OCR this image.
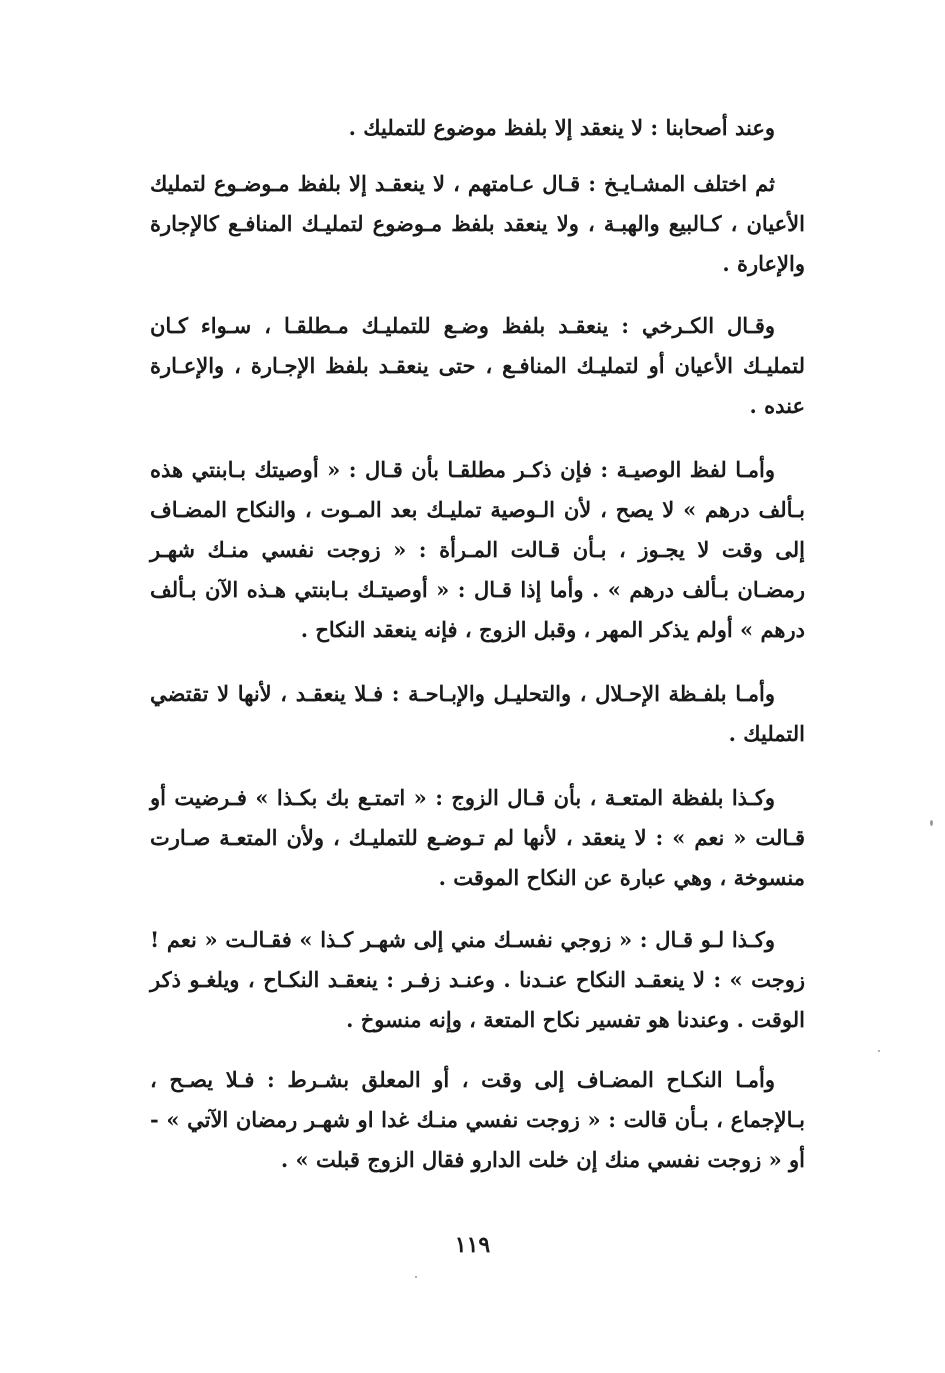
وعند أصحابنا : لا ينعقد إلا بلفظ موضوع للتمليك .

ثم اختلف المشـايـخ : قـال عـامتهم ، لا ينعقـد إلا بلفظ مـوضـوع لتمليك الأعيان ، كـالبيع والهبـة ، ولا ينعقد بلفظ مـوضوع لتمليـك المنافـع كالإجارة والإعارة .

وقـال الكـرخي : ينعقـد بلفظ وضـع للتمليـك مـطلقـا ، سـواء كـان لتمليـك الأعيان أو لتمليـك المنافـع ، حتى ينعقـد بلفظ الإجـارة ، والإعـارة عنده .

وأمـا لفظ الوصيـة : فإن ذكـر مطلقـا بأن قـال : « أوصيتك بـابنتي هذه بـألف درهم » لا يصح ، لأن الـوصية تمليـك بعد المـوت ، والنكاح المضـاف إلى وقت لا يجـوز ، بـأن قـالت المـرأة : « زوجت نفسي منـك شهـر رمضـان بـألف درهم » . وأما إذا قـال : « أوصيتـك بـابنتي هـذه الآن بـألف درهم » أولم يذكر المهر ، وقبل الزوج ، فإنه ينعقد النكاح .

وأمـا بلفـظة الإحـلال ، والتحليـل والإبـاحـة : فـلا ينعقـد ، لأنها لا تقتضي التمليك .

وكـذا بلفظة المتعـة ، بأن قـال الزوج : « اتمتـع بك بكـذا » فـرضيت أو قـالت « نعم » : لا ينعقد ، لأنها لم تـوضـع للتمليـك ، ولأن المتعـة صـارت منسوخة ، وهي عبارة عن النكاح الموقت .

وكـذا لـو قـال : « زوجي نفسـك مني إلى شهـر كـذا » فقـالـت « نعم ! زوجت » : لا ينعقـد النكاح عنـدنا . وعنـد زفـر : ينعقـد النكـاح ، ويلغـو ذكر الوقت . وعندنا هو تفسير نكاح المتعة ، وإنه منسوخ .

وأمـا النكـاح المضـاف إلى وقت ، أو المعلق بشـرط : فـلا يصـح ، بـالإجماع ، بـأن قالت : « زوجت نفسي منـك غدا او شهـر رمضان الآتي » - أو « زوجت نفسي منك إن خلت الدارو فقال الزوج قبلت » .

١١٩
